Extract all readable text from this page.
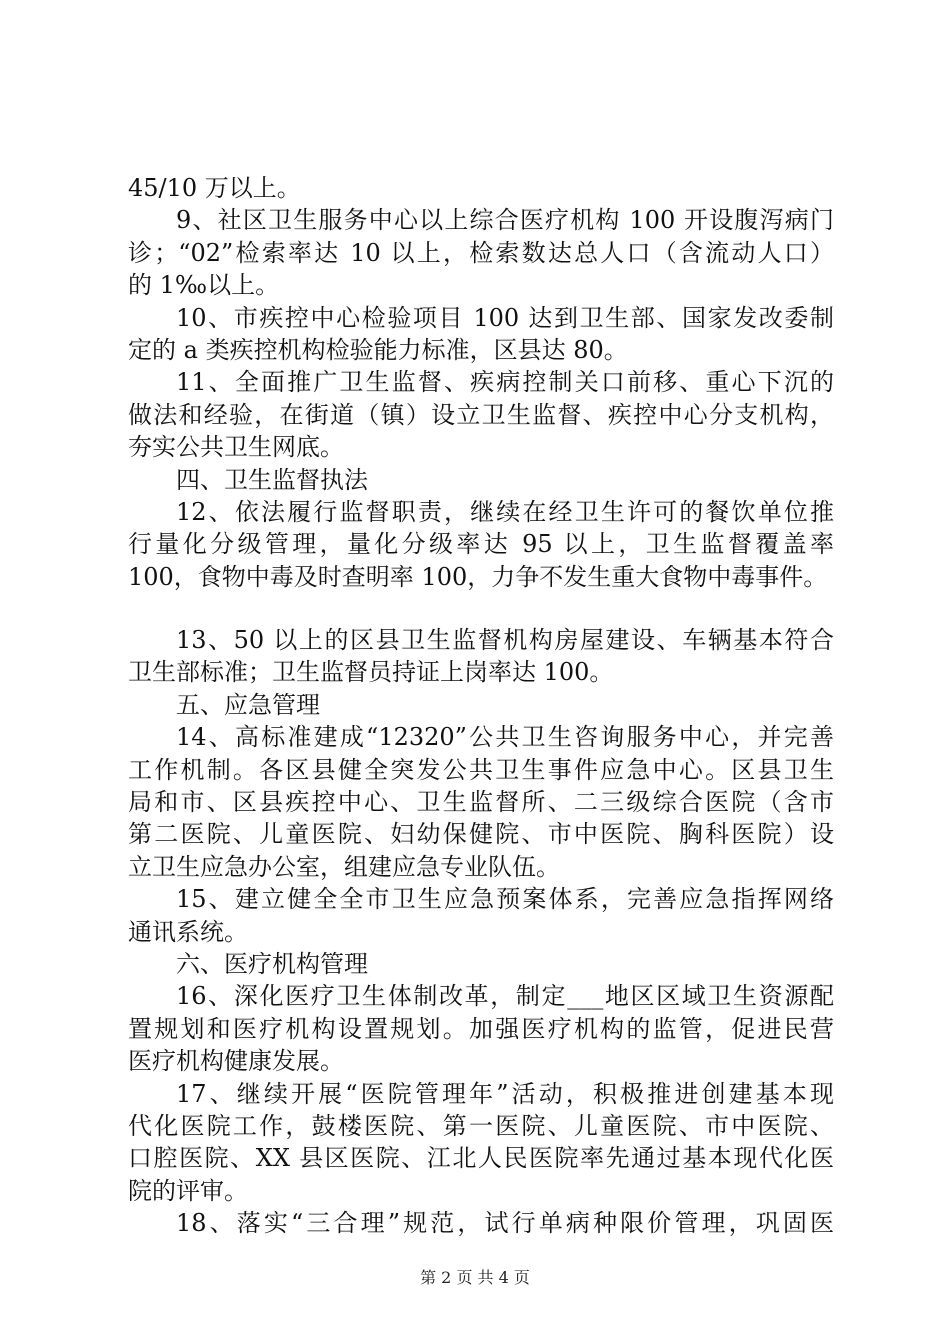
45/10 万以上。
9、社区卫生服务中心以上综合医疗机构 100 开设腹泻病门
诊；“02”检索率达 10 以上，检索数达总人口（含流动人口）
的 1‰以上。
10、市疾控中心检验项目 100 达到卫生部、国家发改委制
定的 a 类疾控机构检验能力标准，区县达 80。
11、全面推广卫生监督、疾病控制关口前移、重心下沉的
做法和经验，在街道（镇）设立卫生监督、疾控中心分支机构，
夯实公共卫生网底。
四、卫生监督执法
12、依法履行监督职责，继续在经卫生许可的餐饮单位推
行量化分级管理，量化分级率达 95 以上，卫生监督覆盖率
100，食物中毒及时查明率 100，力争不发生重大食物中毒事件。
13、50 以上的区县卫生监督机构房屋建设、车辆基本符合
卫生部标准；卫生监督员持证上岗率达 100。
五、应急管理
14、高标准建成“12320”公共卫生咨询服务中心，并完善
工作机制。各区县健全突发公共卫生事件应急中心。区县卫生
局和市、区县疾控中心、卫生监督所、二三级综合医院（含市
第二医院、儿童医院、妇幼保健院、市中医院、胸科医院）设
立卫生应急办公室，组建应急专业队伍。
15、建立健全全市卫生应急预案体系，完善应急指挥网络
通讯系统。
六、医疗机构管理
16、深化医疗卫生体制改革，制定___地区区域卫生资源配
置规划和医疗机构设置规划。加强医疗机构的监管，促进民营
医疗机构健康发展。
17、继续开展“医院管理年”活动，积极推进创建基本现
代化医院工作，鼓楼医院、第一医院、儿童医院、市中医院、
口腔医院、XX 县区医院、江北人民医院率先通过基本现代化医
院的评审。
18、落实“三合理”规范，试行单病种限价管理，巩固医
第 2 页 共 4 页
